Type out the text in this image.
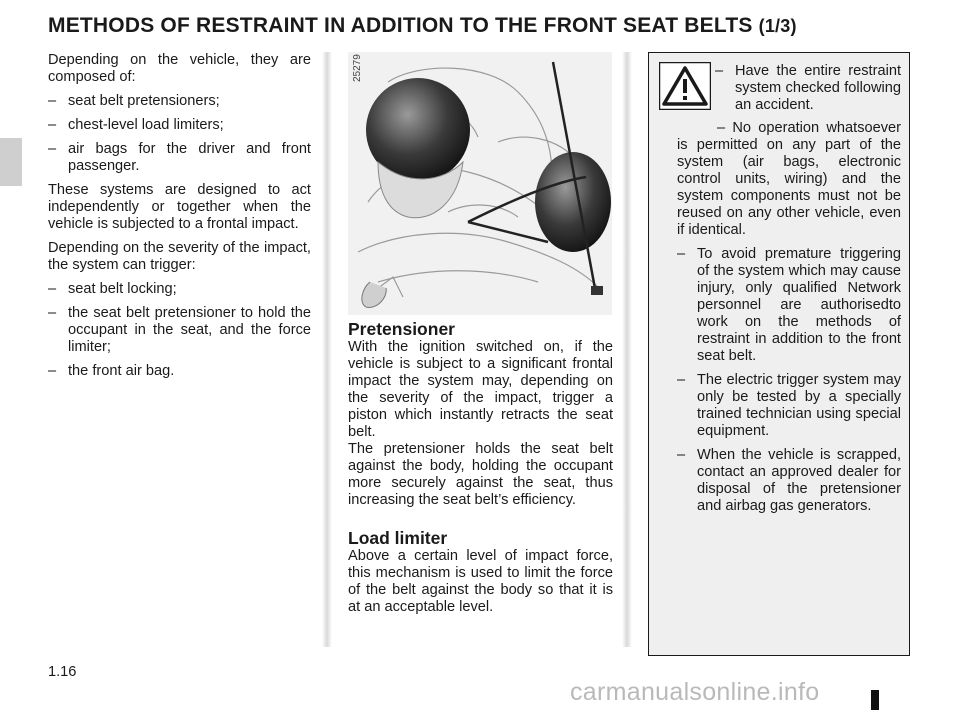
METHODS OF RESTRAINT IN ADDITION TO THE FRONT SEAT BELTS (1/3)

Depending on the vehicle, they are composed of:

– seat belt pretensioners;
– chest-level load limiters;
– air bags for the driver and front passenger.

These systems are designed to act independently or together when the vehicle is subjected to a frontal impact.

Depending on the severity of the impact, the system can trigger:

– seat belt locking;
– the seat belt pretensioner to hold the occupant in the seat, and the force limiter;
– the front air bag.
25279
Pretensioner

With the ignition switched on, if the vehicle is subject to a significant frontal impact the system may, depending on the severity of the impact, trigger a piston which instantly retracts the seat belt.

The pretensioner holds the seat belt against the body, holding the occupant more securely against the seat, thus increasing the seat belt’s efficiency.

Load limiter

Above a certain level of impact force, this mechanism is used to limit the force of the belt against the body so that it is at an acceptable level.

– Have the entire restraint system checked following an accident.

– No operation whatsoever is permitted on any part of the system (air bags, electronic control units, wiring) and the system components must not be reused on any other vehicle, even if identical.

– To avoid premature triggering of the system which may cause injury, only qualified Network personnel are authorisedto work on the methods of restraint in addition to the front seat belt.
– The electric trigger system may only be tested by a specially trained technician using special equipment.
– When the vehicle is scrapped, contact an approved dealer for disposal of the pretensioner and airbag gas generators.
1.16
carmanualsonline.info
